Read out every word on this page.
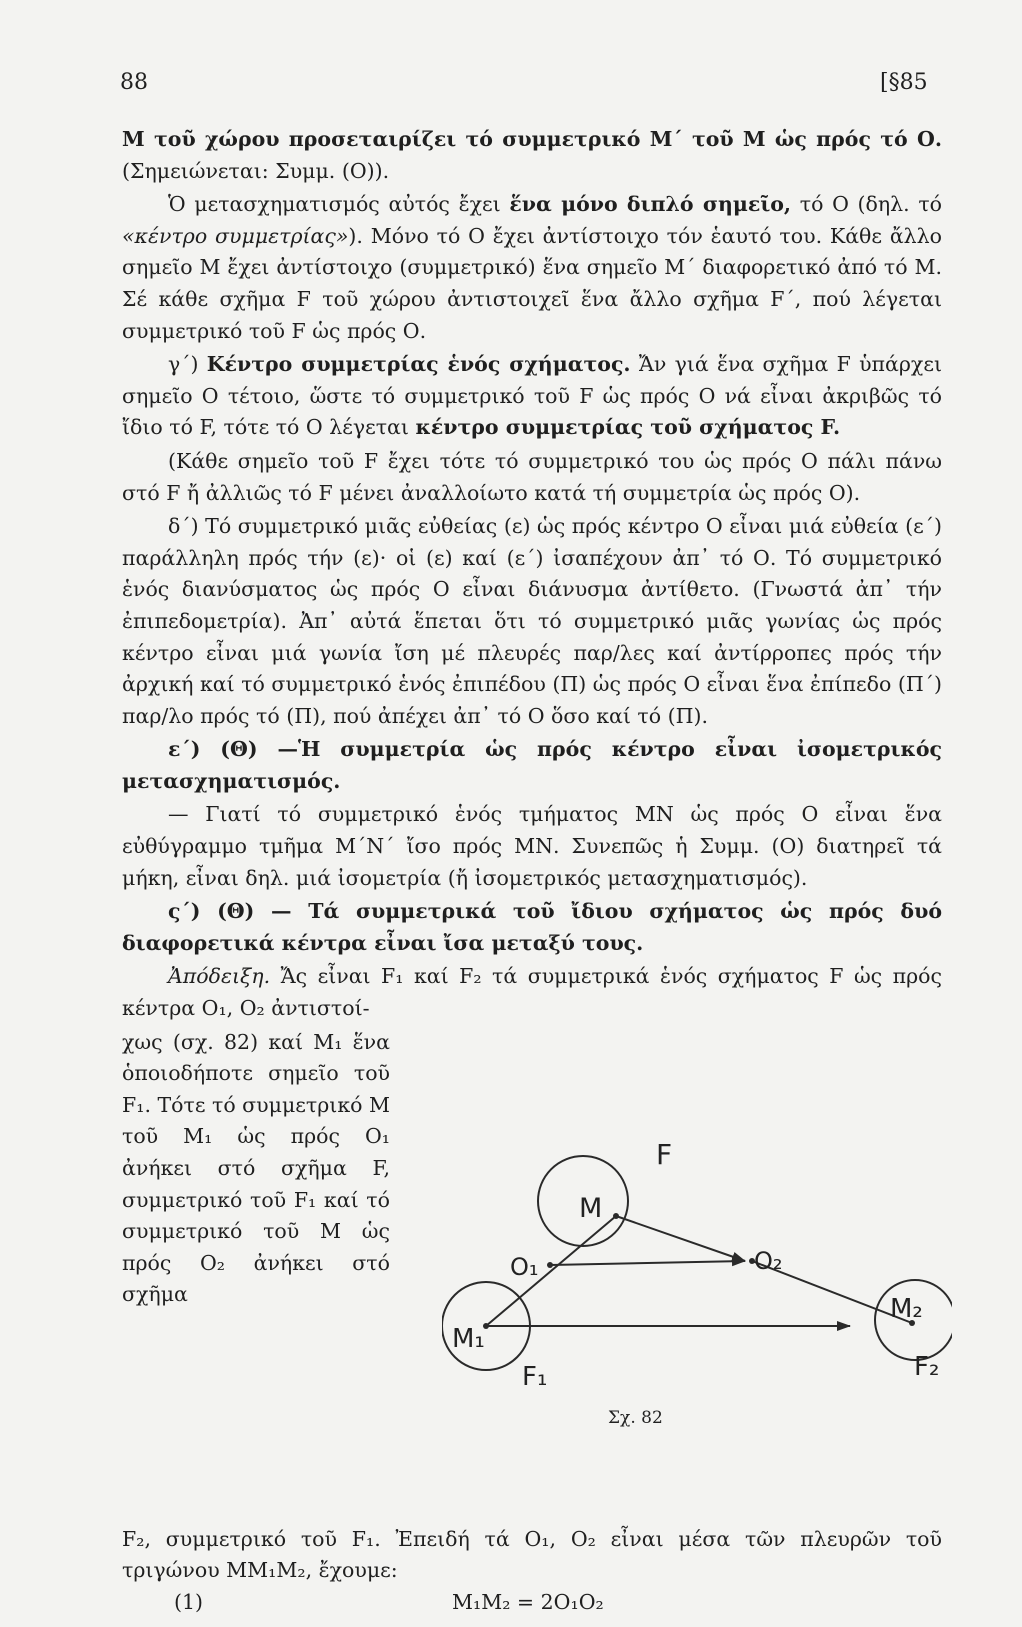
88	[§85

Μ τοῦ χώρου προσεταιρίζει τό συμμετρικό Μ΄ τοῦ Μ ὡς πρός τό Ο. (Σημειώνεται: Συμμ. (Ο)).

Ὁ μετασχηματισμός αὐτός ἔχει ἕνα μόνο διπλό σημεῖο, τό Ο (δηλ. τό «κέντρο συμμετρίας»). Μόνο τό Ο ἔχει ἀντίστοιχο τόν ἑαυτό του. Κάθε ἄλλο σημεῖο Μ ἔχει ἀντίστοιχο (συμμετρικό) ἕνα σημεῖο Μ΄ διαφορετικό ἀπό τό Μ. Σέ κάθε σχῆμα F τοῦ χώρου ἀντιστοιχεῖ ἕνα ἄλλο σχῆμα F΄, πού λέγεται συμμετρικό τοῦ F ὡς πρός Ο.

γ΄) Κέντρο συμμετρίας ἑνός σχήματος. Ἄν γιά ἕνα σχῆμα F ὑπάρχει σημεῖο Ο τέτοιο, ὥστε τό συμμετρικό τοῦ F ὡς πρός Ο νά εἶναι ἀκριβῶς τό ἴδιο τό F, τότε τό Ο λέγεται κέντρο συμμετρίας τοῦ σχήματος F.

(Κάθε σημεῖο τοῦ F ἔχει τότε τό συμμετρικό του ὡς πρός Ο πάλι πάνω στό F ἤ ἀλλιῶς τό F μένει ἀναλλοίωτο κατά τή συμμετρία ὡς πρός Ο).

δ΄) Τό συμμετρικό μιᾶς εὐθείας (ε) ὡς πρός κέντρο Ο εἶναι μιά εὐθεία (ε΄) παράλληλη πρός τήν (ε)· οἱ (ε) καί (ε΄) ἰσαπέχουν ἀπ᾽ τό Ο. Τό συμμετρικό ἑνός διανύσματος ὡς πρός Ο εἶναι διάνυσμα ἀντίθετο. (Γνωστά ἀπ᾽ τήν ἐπιπεδομετρία). Ἀπ᾽ αὐτά ἕπεται ὅτι τό συμμετρικό μιᾶς γωνίας ὡς πρός κέντρο εἶναι μιά γωνία ἴση μέ πλευρές παρ/λες καί ἀντίρροπες πρός τήν ἀρχική καί τό συμμετρικό ἑνός ἐπιπέδου (Π) ὡς πρός Ο εἶναι ἕνα ἐπίπεδο (Π΄) παρ/λο πρός τό (Π), πού ἀπέχει ἀπ᾽ τό Ο ὅσο καί τό (Π).

ε΄) (Θ) —Ἡ συμμετρία ὡς πρός κέντρο εἶναι ἰσομετρικός μετασχηματισμός.

— Γιατί τό συμμετρικό ἑνός τμήματος ΜΝ ὡς πρός Ο εἶναι ἕνα εὐθύγραμμο τμῆμα Μ΄Ν΄ ἴσο πρός ΜΝ. Συνεπῶς ἡ Συμμ. (Ο) διατηρεῖ τά μήκη, εἶναι δηλ. μιά ἰσομετρία (ἤ ἰσομετρικός μετασχηματισμός).

ς΄) (Θ) — Τά συμμετρικά τοῦ ἴδιου σχήματος ὡς πρός δυό διαφορετικά κέντρα εἶναι ἴσα μεταξύ τους.

Ἀπόδειξη. Ἄς εἶναι F₁ καί F₂ τά συμμετρικά ἑνός σχήματος F ὡς πρός κέντρα Ο₁, Ο₂ ἀντιστοί-

χως (σχ. 82) καί Μ₁ ἕνα ὁποιοδήποτε σημεῖο τοῦ F₁. Τότε τό συμμετρικό Μ τοῦ Μ₁ ὡς πρός Ο₁ ἀνήκει στό σχῆμα F, συμμετρικό τοῦ F₁ καί τό συμμετρικό τοῦ Μ ὡς πρός Ο₂ ἀνήκει στό σχῆμα
F
M
O₁	O₂
M₁
M₂
F₁	F₂
Σχ. 82
F₂, συμμετρικό τοῦ F₁. Ἐπειδή τά Ο₁, Ο₂ εἶναι μέσα τῶν πλευρῶν τοῦ τριγώνου ΜΜ₁Μ₂, ἔχουμε:
(1)	M₁M₂ = 2O₁O₂
